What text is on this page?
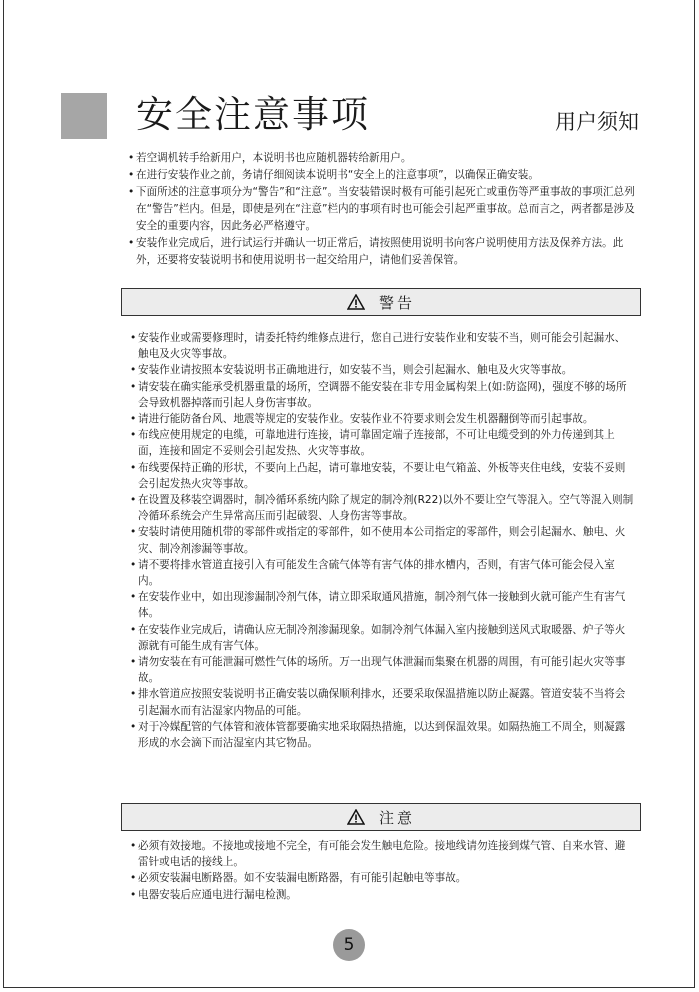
安全注意事项	用户须知
• 若空调机转手给新用户，本说明书也应随机器转给新用户。
• 在进行安装作业之前，务请仔细阅读本说明书“安全上的注意事项”，以确保正确安装。
• 下面所述的注意事项分为“警告”和“注意”。当安装错误时极有可能引起死亡或重伤等严重事故的事项汇总列在“警告”栏内。但是，即使是列在“注意”栏内的事项有时也可能会引起严重事故。总而言之，两者都是涉及安全的重要内容，因此务必严格遵守。
• 安装作业完成后，进行试运行并确认一切正常后，请按照使用说明书向客户说明使用方法及保养方法。此外，还要将安装说明书和使用说明书一起交给用户，请他们妥善保管。
警告
• 安装作业或需要修理时，请委托特约维修点进行，您自己进行安装作业和安装不当，则可能会引起漏水、触电及火灾等事故。
• 安装作业请按照本安装说明书正确地进行，如安装不当，则会引起漏水、触电及火灾等事故。
• 请安装在确实能承受机器重量的场所，空调器不能安装在非专用金属构架上(如:防盗网)，强度不够的场所会导致机器掉落而引起人身伤害事故。
• 请进行能防备台风、地震等规定的安装作业。安装作业不符要求则会发生机器翻倒等而引起事故。
• 布线应使用规定的电缆，可靠地进行连接，请可靠固定端子连接部，不可让电缆受到的外力传递到其上面，连接和固定不妥则会引起发热、火灾等事故。
• 布线要保持正确的形状，不要向上凸起，请可靠地安装，不要让电气箱盖、外板等夹住电线，安装不妥则会引起发热火灾等事故。
• 在设置及移装空调器时，制冷循环系统内除了规定的制冷剂(R22)以外不要让空气等混入。空气等混入则制冷循环系统会产生异常高压而引起破裂、人身伤害等事故。
• 安装时请使用随机带的零部件或指定的零部件，如不使用本公司指定的零部件，则会引起漏水、触电、火灾、制冷剂渗漏等事故。
• 请不要将排水管道直接引入有可能发生含硫气体等有害气体的排水槽内，否则，有害气体可能会侵入室内。
• 在安装作业中，如出现渗漏制冷剂气体，请立即采取通风措施，制冷剂气体一接触到火就可能产生有害气体。
• 在安装作业完成后，请确认应无制冷剂渗漏现象。如制冷剂气体漏入室内接触到送风式取暖器、炉子等火源就有可能生成有害气体。
• 请勿安装在有可能泄漏可燃性气体的场所。万一出现气体泄漏而集聚在机器的周围，有可能引起火灾等事故。
• 排水管道应按照安装说明书正确安装以确保顺利排水，还要采取保温措施以防止凝露。管道安装不当将会引起漏水而有沾湿家内物品的可能。
• 对于冷媒配管的气体管和液体管都要确实地采取隔热措施，以达到保温效果。如隔热施工不周全，则凝露形成的水会滴下而沾湿室内其它物品。
注意
• 必须有效接地。不接地或接地不完全，有可能会发生触电危险。接地线请勿连接到煤气管、自来水管、避雷针或电话的接线上。
• 必须安装漏电断路器。如不安装漏电断路器，有可能引起触电等事故。
• 电器安装后应通电进行漏电检测。
5
